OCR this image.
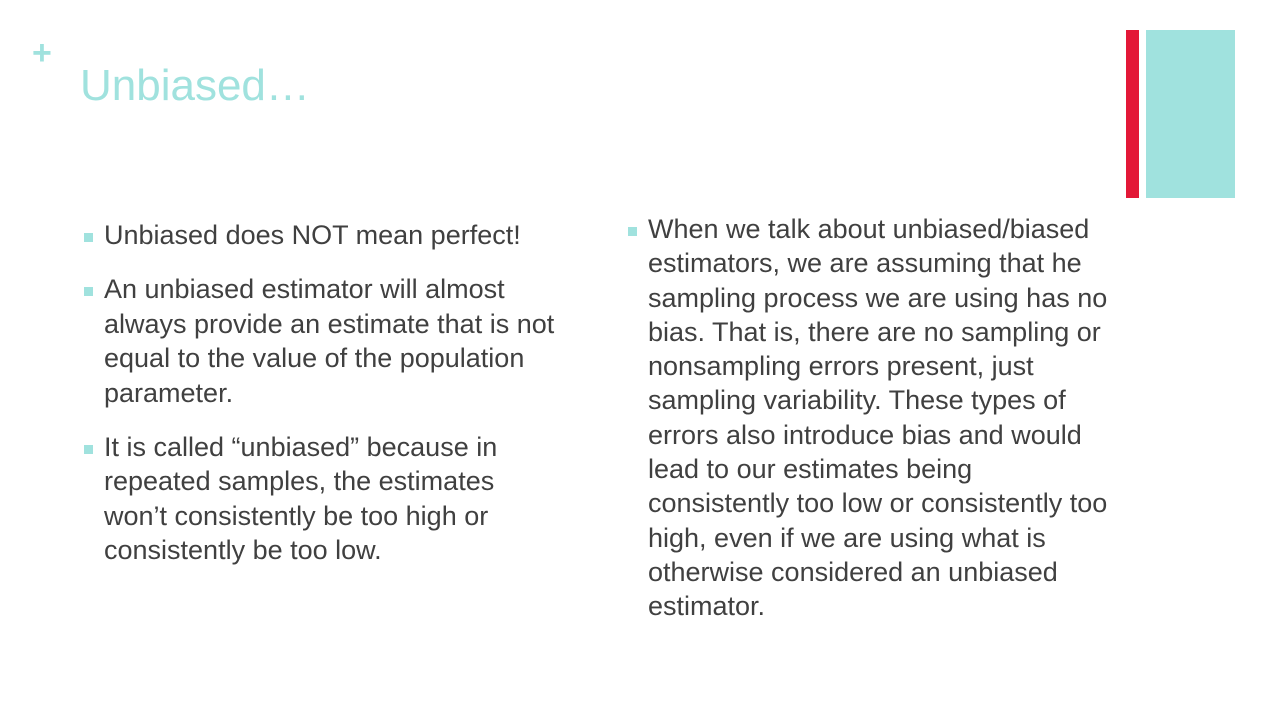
+
Unbiased…
Unbiased does NOT mean perfect!
An unbiased estimator will almost always provide an estimate that is not equal to the value of the population parameter.
It is called “unbiased” because in repeated samples, the estimates won’t consistently be too high or consistently be too low.
When we talk about unbiased/biased estimators, we are assuming that he sampling process we are using has no bias. That is, there are no sampling or nonsampling errors present, just sampling variability. These types of errors also introduce bias and would lead to our estimates being consistently too low or consistently too high, even if we are using what is otherwise considered an unbiased estimator.
